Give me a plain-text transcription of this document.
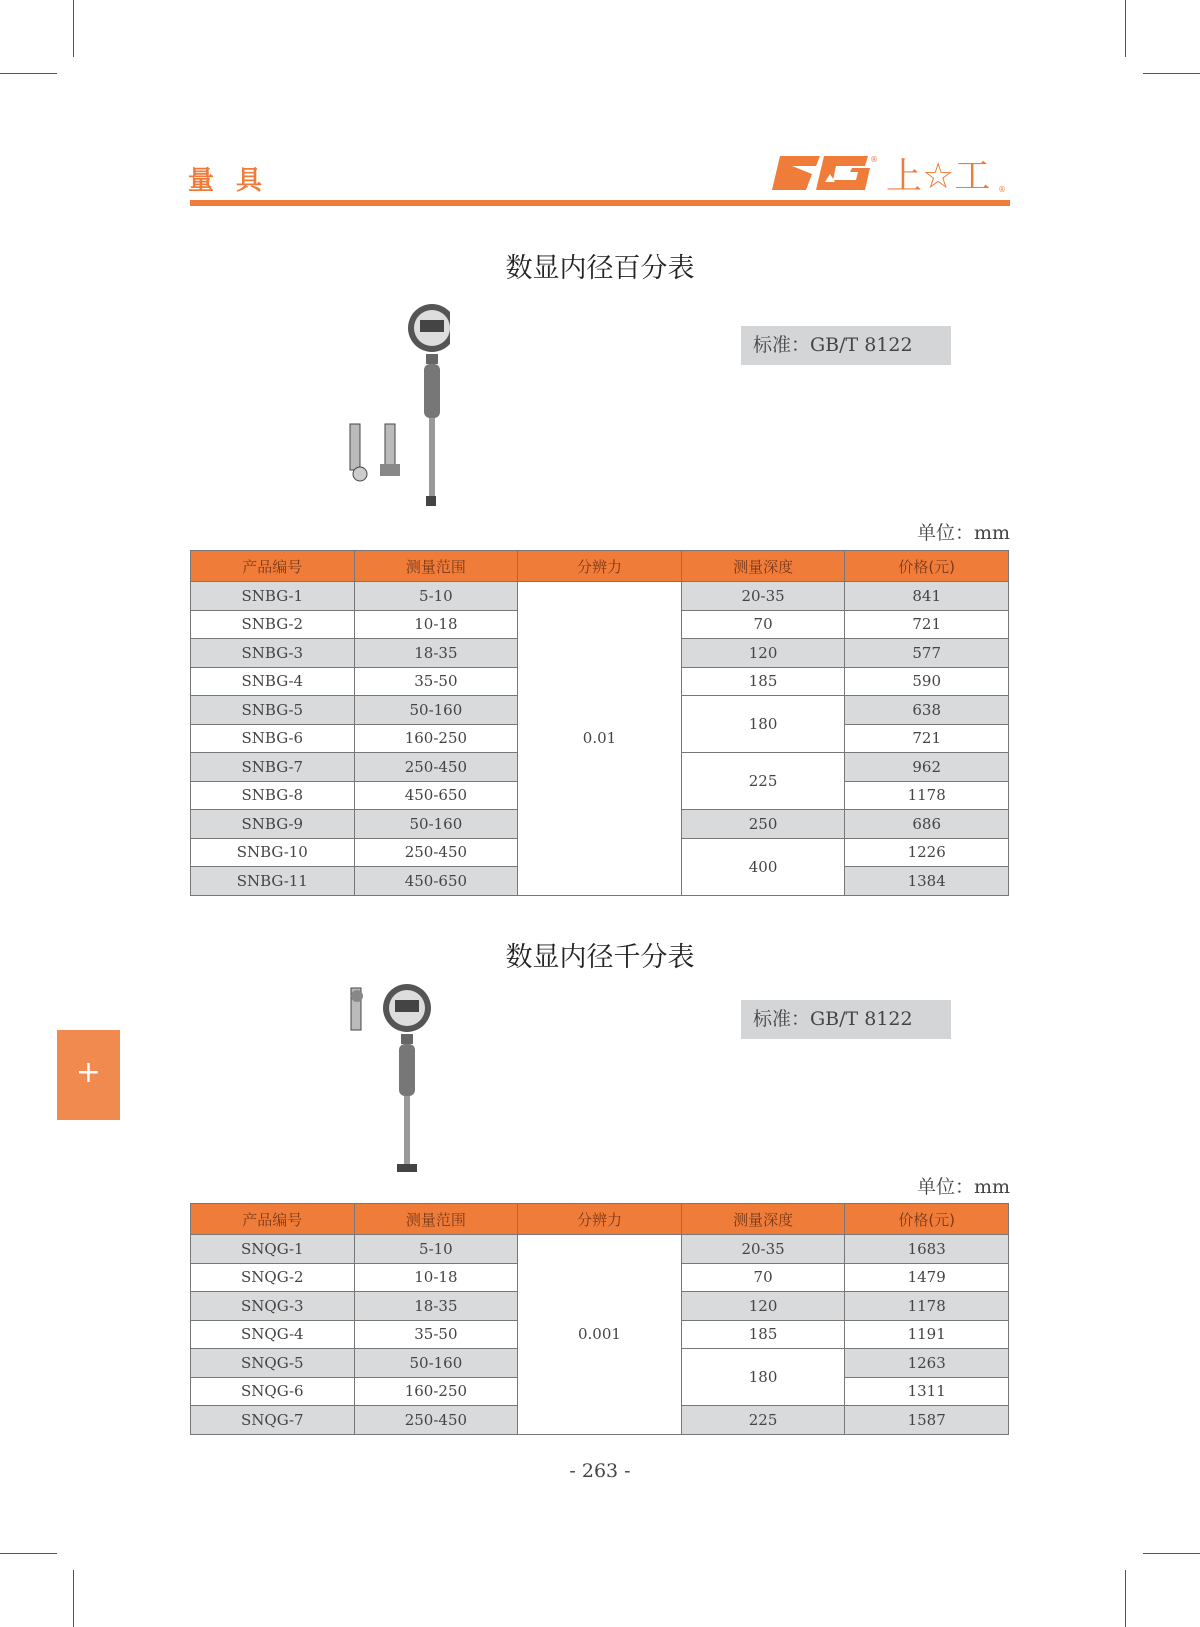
量具
® 上☆工 ®
数显内径百分表
标准：GB/T 8122
单位：mm
产品编号	测量范围	分辨力	测量深度	价格(元)
SNBG-1	5-10	0.01	20-35	841
SNBG-2	10-18		70	721
SNBG-3	18-35		120	577
SNBG-4	35-50		185	590
SNBG-5	50-160		180	638
SNBG-6	160-250			721
SNBG-7	250-450		225	962
SNBG-8	450-650			1178
SNBG-9	50-160		250	686
SNBG-10	250-450		400	1226
SNBG-11	450-650			1384
数显内径千分表
标准：GB/T 8122
单位：mm
产品编号	测量范围	分辨力	测量深度	价格(元)
SNQG-1	5-10	0.001	20-35	1683
SNQG-2	10-18		70	1479
SNQG-3	18-35		120	1178
SNQG-4	35-50		185	1191
SNQG-5	50-160		180	1263
SNQG-6	160-250			1311
SNQG-7	250-450		225	1587
+
- 263 -
